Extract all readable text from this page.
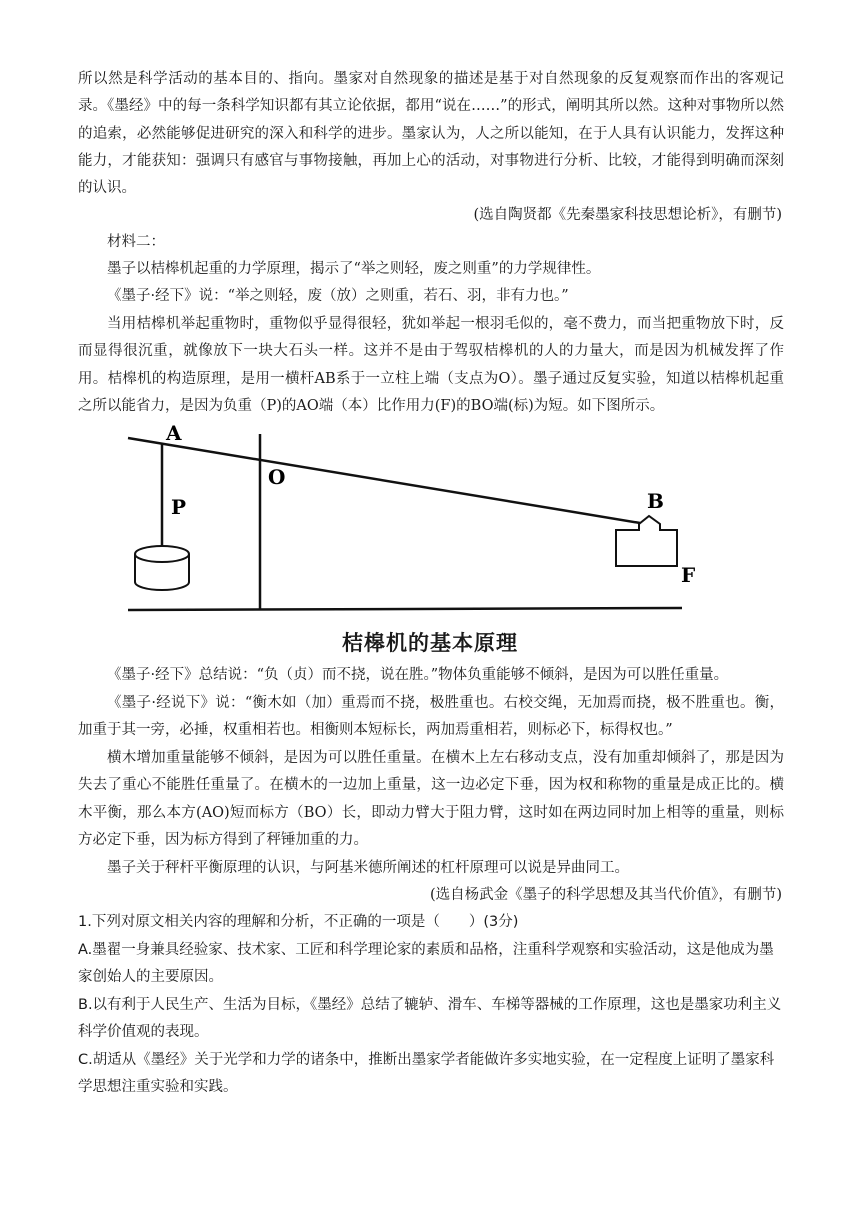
所以然是科学活动的基本目的、指向。墨家对自然现象的描述是基于对自然现象的反复观察而作出的客观记录。《墨经》中的每一条科学知识都有其立论依据，都用“说在……”的形式，阐明其所以然。这种对事物所以然的追索，必然能够促进研究的深入和科学的进步。墨家认为，人之所以能知，在于人具有认识能力，发挥这种能力，才能获知：强调只有感官与事物接触，再加上心的活动，对事物进行分析、比较，才能得到明确而深刻的认识。

(选自陶贤都《先秦墨家科技思想论析》，有删节)

材料二：

墨子以桔槔机起重的力学原理，揭示了“举之则轻，废之则重”的力学规律性。

《墨子·经下》说：“举之则轻，废（放）之则重，若石、羽，非有力也。”

当用桔槔机举起重物时，重物似乎显得很轻，犹如举起一根羽毛似的，毫不费力，而当把重物放下时，反而显得很沉重，就像放下一块大石头一样。这并不是由于驾驭桔槔机的人的力量大，而是因为机械发挥了作用。桔槔机的构造原理，是用一横杆AB系于一立柱上端（支点为O）。墨子通过反复实验，知道以桔槔机起重之所以能省力，是因为负重（P)的AO端（本）比作用力(F)的BO端(标)为短。如下图所示。

A
O
P	B
F
桔槔机的基本原理

《墨子·经下》总结说：“负（贞）而不挠，说在胜。”物体负重能够不倾斜，是因为可以胜任重量。

《墨子·经说下》说：“衡木如（加）重焉而不挠，极胜重也。右校交绳，无加焉而挠，极不胜重也。衡，加重于其一旁，必捶，权重相若也。相衡则本短标长，两加焉重相若，则标必下，标得权也。”

横木增加重量能够不倾斜，是因为可以胜任重量。在横木上左右移动支点，没有加重却倾斜了，那是因为失去了重心不能胜任重量了。在横木的一边加上重量，这一边必定下垂，因为权和称物的重量是成正比的。横木平衡，那么本方(AO)短而标方（BO）长，即动力臂大于阻力臂，这时如在两边同时加上相等的重量，则标方必定下垂，因为标方得到了秤锤加重的力。

墨子关于秤杆平衡原理的认识，与阿基米德所阐述的杠杆原理可以说是异曲同工。

(选自杨武金《墨子的科学思想及其当代价值》，有删节)

1.下列对原文相关内容的理解和分析，不正确的一项是（　　）(3分)

A.墨翟一身兼具经验家、技术家、工匠和科学理论家的素质和品格，注重科学观察和实验活动，这是他成为墨家创始人的主要原因。

B.以有利于人民生产、生活为目标，《墨经》总结了辘轳、滑车、车梯等器械的工作原理，这也是墨家功利主义科学价值观的表现。

C.胡适从《墨经》关于光学和力学的诸条中，推断出墨家学者能做许多实地实验，在一定程度上证明了墨家科学思想注重实验和实践。
